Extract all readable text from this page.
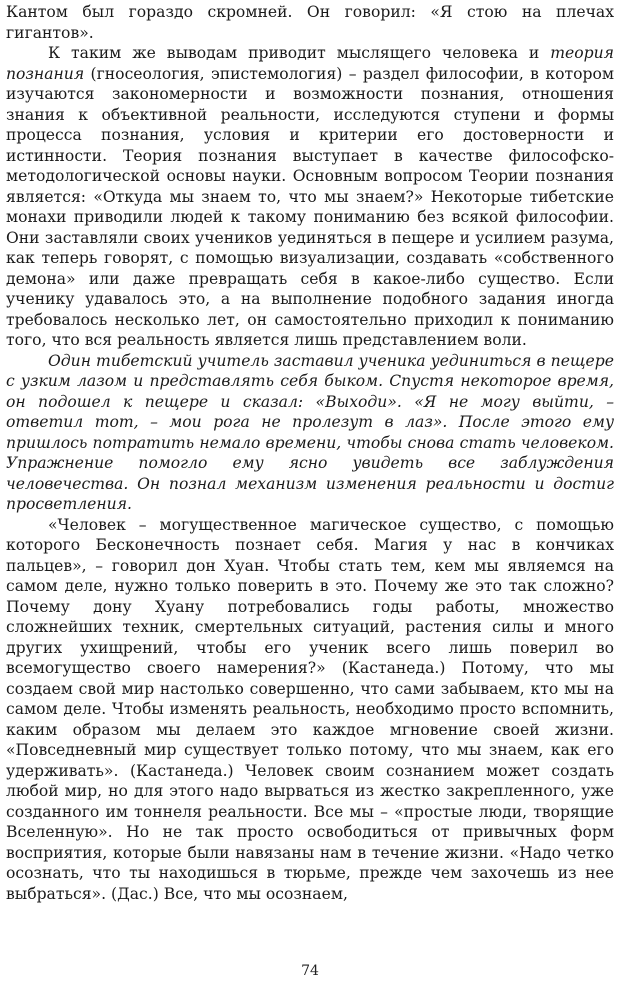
Кантом был гораздо скромней. Он говорил: «Я стою на плечах гигантов».

К таким же выводам приводит мыслящего человека и теория познания (гносеология, эпистемология) – раздел философии, в котором изучаются закономерности и возможности познания, отношения знания к объективной реальности, исследуются ступени и формы процесса познания, условия и критерии его достоверности и истинности. Теория познания выступает в качестве философско-методологической основы науки. Основным вопросом Теории познания является: «Откуда мы знаем то, что мы знаем?» Некоторые тибетские монахи приводили людей к такому пониманию без всякой философии. Они заставляли своих учеников уединяться в пещере и усилием разума, как теперь говорят, с помощью визуализации, создавать «собственного демона» или даже превращать себя в какое-либо существо. Если ученику удавалось это, а на выполнение подобного задания иногда требовалось несколько лет, он самостоятельно приходил к пониманию того, что вся реальность является лишь представлением воли.

Один тибетский учитель заставил ученика уединиться в пещере с узким лазом и представлять себя быком. Спустя некоторое время, он подошел к пещере и сказал: «Выходи». «Я не могу выйти, – ответил тот, – мои рога не пролезут в лаз». После этого ему пришлось потратить немало времени, чтобы снова стать человеком. Упражнение помогло ему ясно увидеть все заблуждения человечества. Он познал механизм изменения реальности и достиг просветления.

«Человек – могущественное магическое существо, с помощью которого Бесконечность познает себя. Магия у нас в кончиках пальцев», – говорил дон Хуан. Чтобы стать тем, кем мы являемся на самом деле, нужно только поверить в это. Почему же это так сложно? Почему дону Хуану потребовались годы работы, множество сложнейших техник, смертельных ситуаций, растения силы и много других ухищрений, чтобы его ученик всего лишь поверил во всемогущество своего намерения?» (Кастанеда.) Потому, что мы создаем свой мир настолько совершенно, что сами забываем, кто мы на самом деле. Чтобы изменять реальность, необходимо просто вспомнить, каким образом мы делаем это каждое мгновение своей жизни. «Повседневный мир существует только потому, что мы знаем, как его удерживать». (Кастанеда.) Человек своим сознанием может создать любой мир, но для этого надо вырваться из жестко закрепленного, уже созданного им тоннеля реальности. Все мы – «простые люди, творящие Вселенную». Но не так просто освободиться от привычных форм восприятия, которые были навязаны нам в течение жизни. «Надо четко осознать, что ты находишься в тюрьме, прежде чем захочешь из нее выбраться». (Дас.) Все, что мы осознаем,

74
